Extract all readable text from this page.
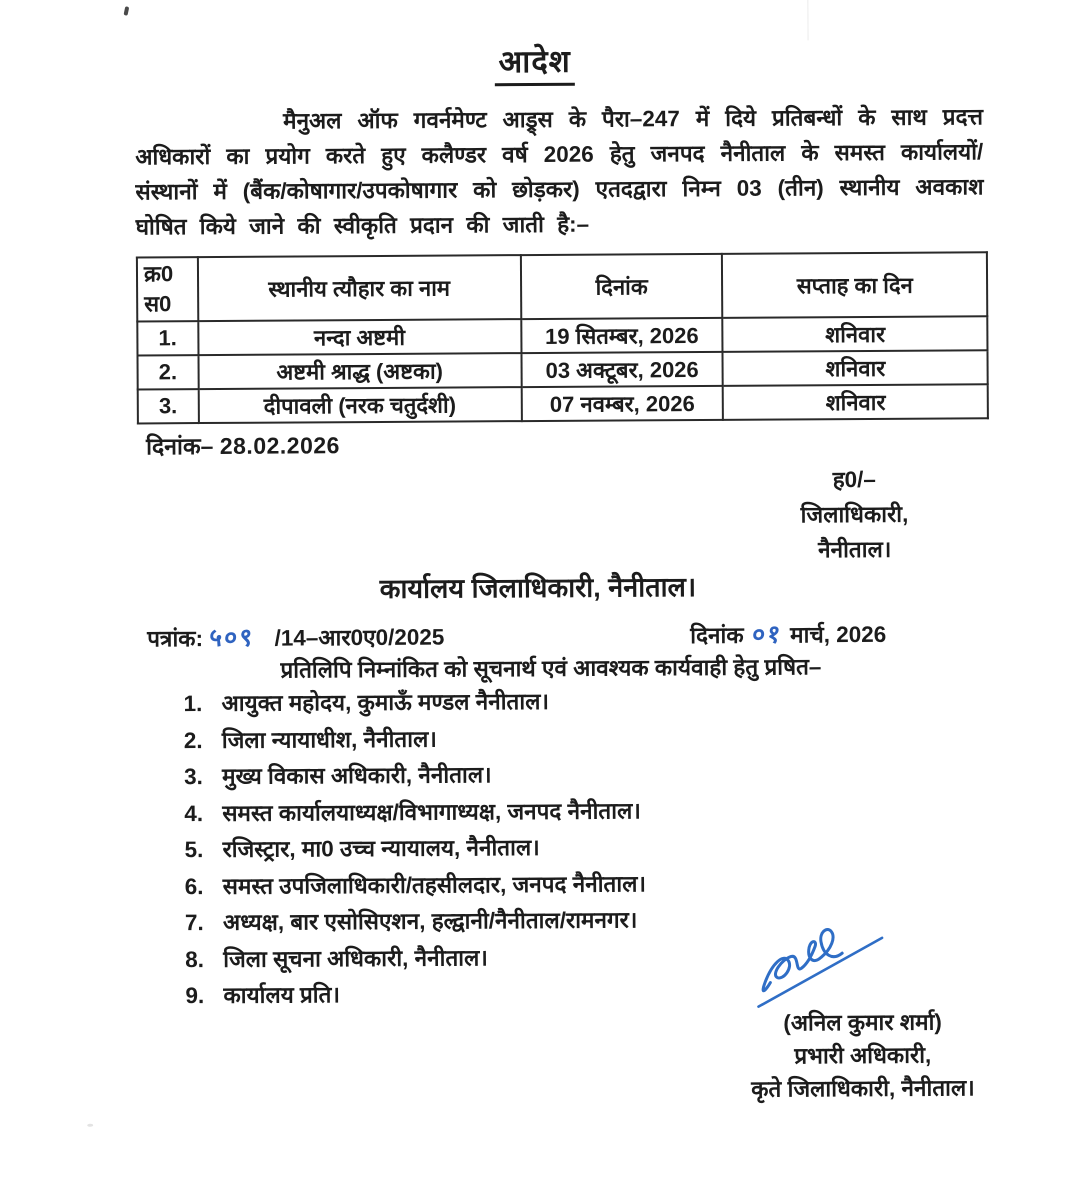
आदेश
मैनुअल ऑफ गवर्नमेण्ट आड्र्स के पैरा–247 में दिये प्रतिबन्धों के साथ प्रदत्त अधिकारों का प्रयोग करते हुए कलैण्डर वर्ष 2026 हेतु जनपद नैनीताल के समस्त कार्यालयों/संस्थानों में (बैंक/कोषागार/उपकोषागार को छोड़कर) एतदद्वारा निम्न 03 (तीन) स्थानीय अवकाश घोषित किये जाने की स्वीकृति प्रदान की जाती है:–
क्र0
स0	स्थानीय त्यौहार का नाम	दिनांक	सप्ताह का दिन
1.	नन्दा अष्टमी	19 सितम्बर, 2026	शनिवार
2.	अष्टमी श्राद्ध (अष्टका)	03 अक्टूबर, 2026	शनिवार
3.	दीपावली (नरक चतुर्दशी)	07 नवम्बर, 2026	शनिवार
दिनांक– 28.02.2026
ह0/–
जिलाधिकारी,
नैनीताल।
कार्यालय जिलाधिकारी, नैनीताल।
पत्रांक: ५०९ /14–आर0ए0/2025	दिनांक ०१ मार्च, 2026
प्रतिलिपि निम्नांकित को सूचनार्थ एवं आवश्यक कार्यवाही हेतु प्रषित–
1. आयुक्त महोदय, कुमाऊँ मण्डल नैनीताल।
2. जिला न्यायाधीश, नैनीताल।
3. मुख्य विकास अधिकारी, नैनीताल।
4. समस्त कार्यालयाध्यक्ष/विभागाध्यक्ष, जनपद नैनीताल।
5. रजिस्ट्रार, मा0 उच्च न्यायालय, नैनीताल।
6. समस्त उपजिलाधिकारी/तहसीलदार, जनपद नैनीताल।
7. अध्यक्ष, बार एसोसिएशन, हल्द्वानी/नैनीताल/रामनगर।
8. जिला सूचना अधिकारी, नैनीताल।
9. कार्यालय प्रति।
(अनिल कुमार शर्मा)
प्रभारी अधिकारी,
कृते जिलाधिकारी, नैनीताल।
